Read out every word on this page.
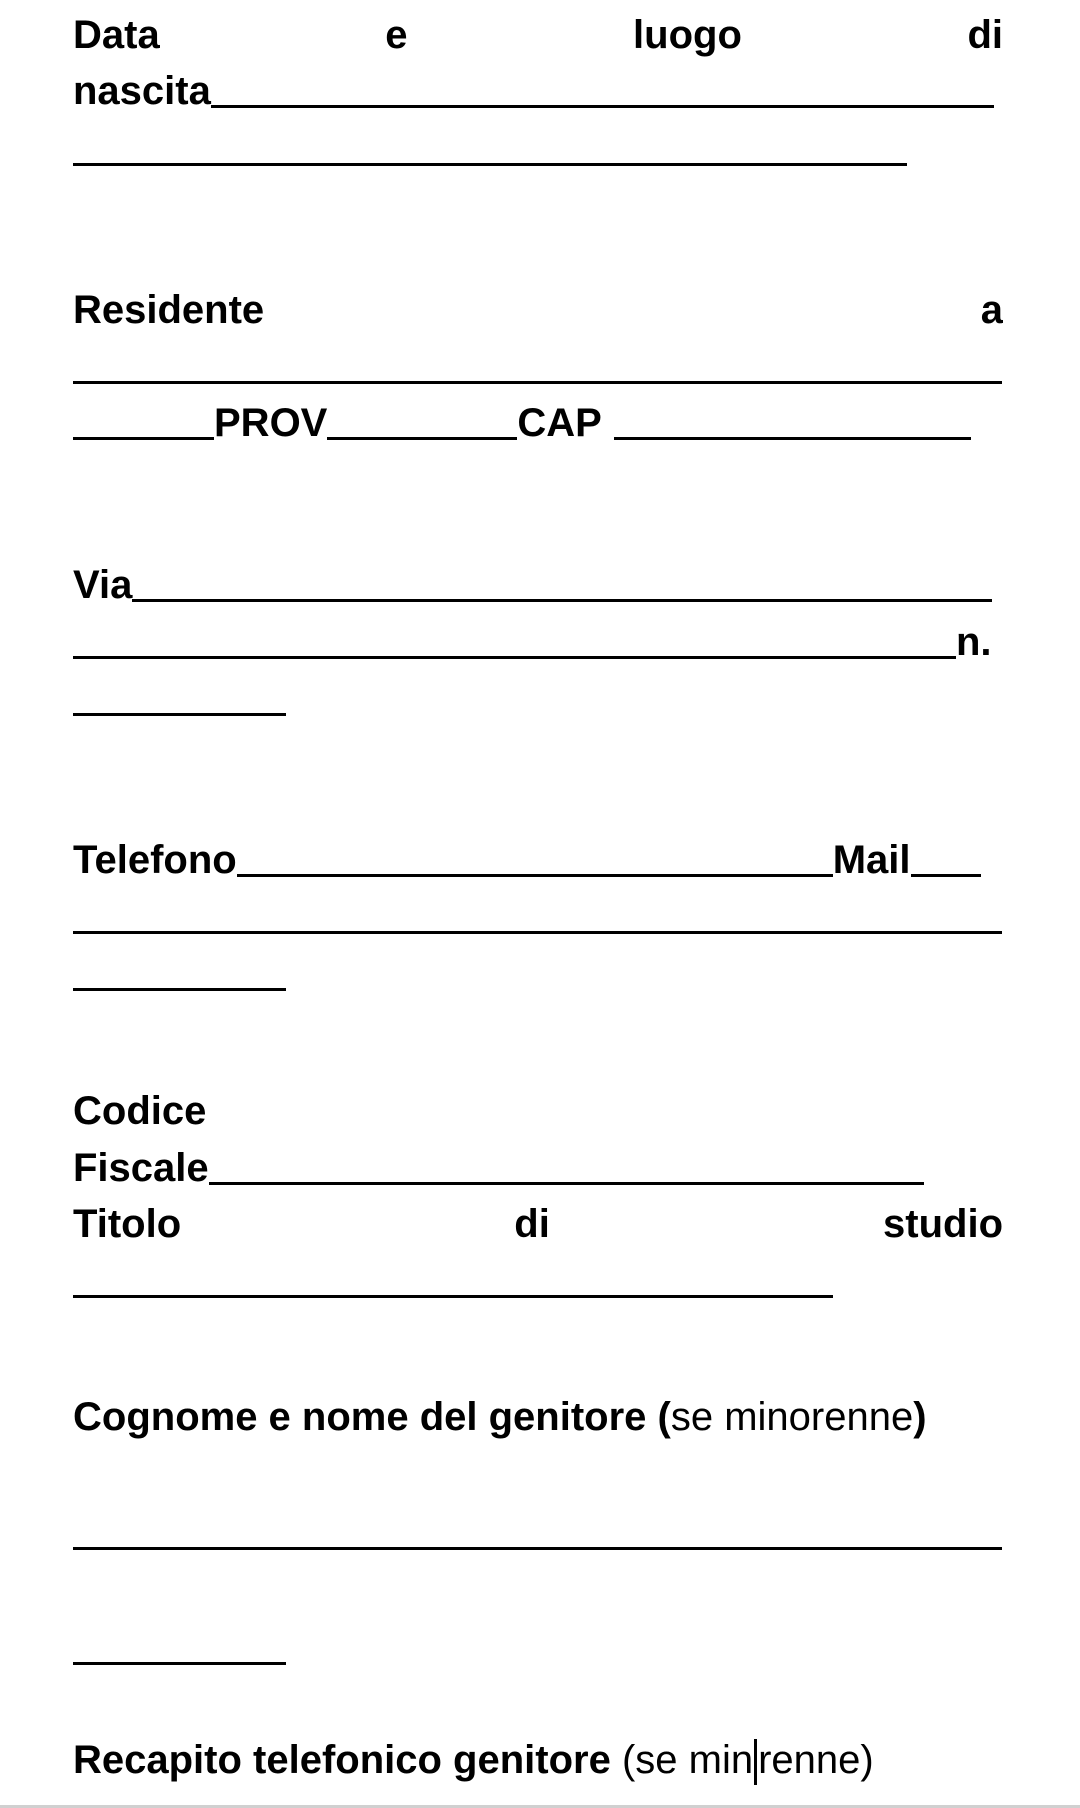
Data	e	luogo	di
nascita
Residente	a
PROV	CAP
Via
n.
Telefono	Mail
Codice
Fiscale
Titolo	di	studio
Cognome e nome del genitore (se minorenne)
Recapito telefonico genitore (se min renne)
